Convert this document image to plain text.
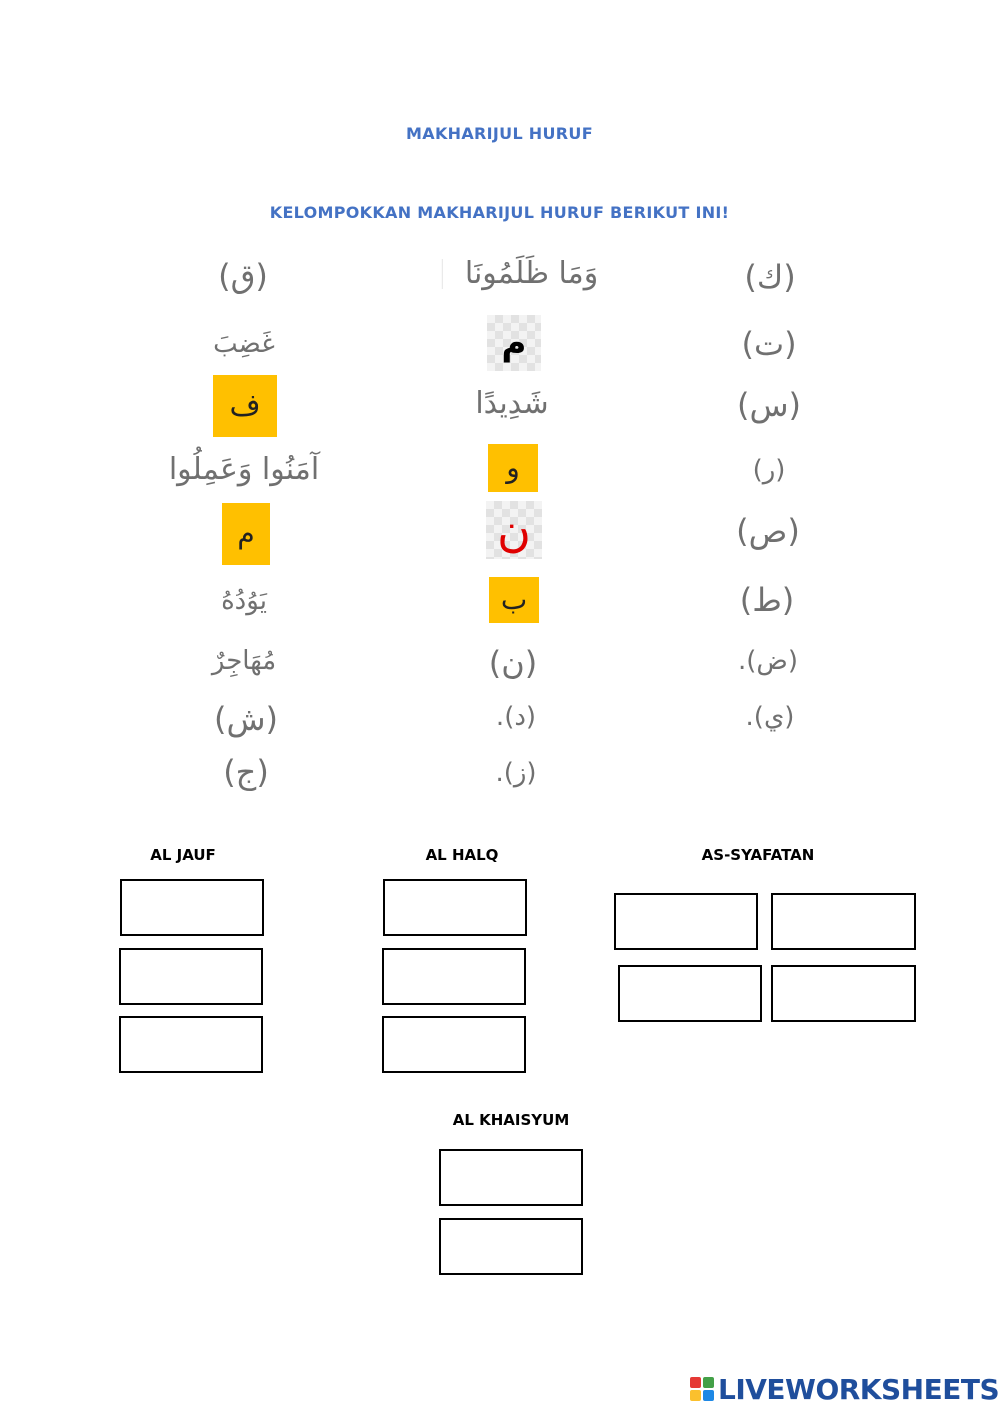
MAKHARIJUL HURUF
KELOMPOKKAN MAKHARIJUL HURUF BERIKUT INI!
(ق)
غَضِبَ
ف
آمَنُوا وَعَمِلُوا
م
يَوُدُهُ
مُهَاجِرٌ
(ش)
(ج)
وَمَا ظَلَمُونَا
م
شَدِيدًا
و
ن
ب
(ن)
(د).
(ز).
(ك)
(ت)
(س)
(ر)
(ص)
(ط)
(ض).
(ي).
AL JAUF	AL HALQ	AS-SYAFATAN
AL KHAISYUM
LIVEWORKSHEETS
